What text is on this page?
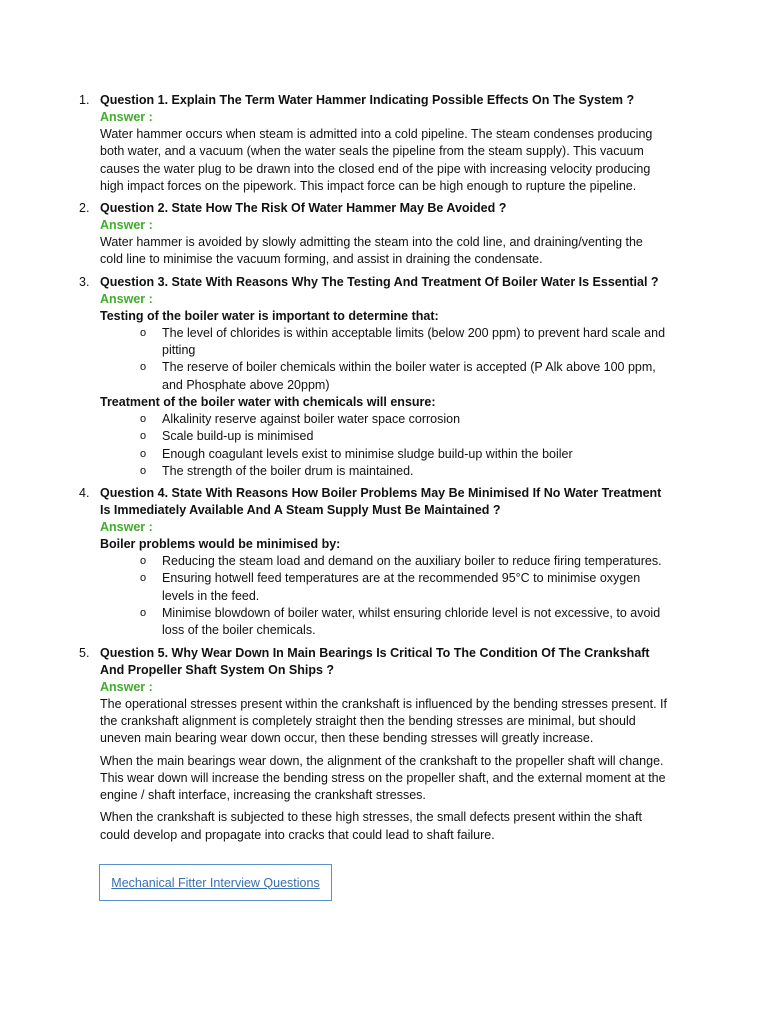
1. Question 1. Explain The Term Water Hammer Indicating Possible Effects On The System ?

Answer :

Water hammer occurs when steam is admitted into a cold pipeline. The steam condenses producing both water, and a vacuum (when the water seals the pipeline from the steam supply). This vacuum causes the water plug to be drawn into the closed end of the pipe with increasing velocity producing high impact forces on the pipework. This impact force can be high enough to rupture the pipeline.

2. Question 2. State How The Risk Of Water Hammer May Be Avoided ?

Answer :

Water hammer is avoided by slowly admitting the steam into the cold line, and draining/venting the cold line to minimise the vacuum forming, and assist in draining the condensate.

3. Question 3. State With Reasons Why The Testing And Treatment Of Boiler Water Is Essential ?

Answer :

Testing of the boiler water is important to determine that:

o The level of chlorides is within acceptable limits (below 200 ppm) to prevent hard scale and pitting
o The reserve of boiler chemicals within the boiler water is accepted (P Alk above 100 ppm, and Phosphate above 20ppm)

Treatment of the boiler water with chemicals will ensure:

o Alkalinity reserve against boiler water space corrosion
o Scale build-up is minimised
o Enough coagulant levels exist to minimise sludge build-up within the boiler
o The strength of the boiler drum is maintained.
4. Question 4. State With Reasons How Boiler Problems May Be Minimised If No Water Treatment Is Immediately Available And A Steam Supply Must Be Maintained ?

Answer :

Boiler problems would be minimised by:

o Reducing the steam load and demand on the auxiliary boiler to reduce firing temperatures.
o Ensuring hotwell feed temperatures are at the recommended 95°C to minimise oxygen levels in the feed.
o Minimise blowdown of boiler water, whilst ensuring chloride level is not excessive, to avoid loss of the boiler chemicals.
5. Question 5. Why Wear Down In Main Bearings Is Critical To The Condition Of The Crankshaft And Propeller Shaft System On Ships ?

Answer :

The operational stresses present within the crankshaft is influenced by the bending stresses present. If the crankshaft alignment is completely straight then the bending stresses are minimal, but should uneven main bearing wear down occur, then these bending stresses will greatly increase.

When the main bearings wear down, the alignment of the crankshaft to the propeller shaft will change. This wear down will increase the bending stress on the propeller shaft, and the external moment at the engine / shaft interface, increasing the crankshaft stresses.

When the crankshaft is subjected to these high stresses, the small defects present within the shaft could develop and propagate into cracks that could lead to shaft failure.

Mechanical Fitter Interview Questions
